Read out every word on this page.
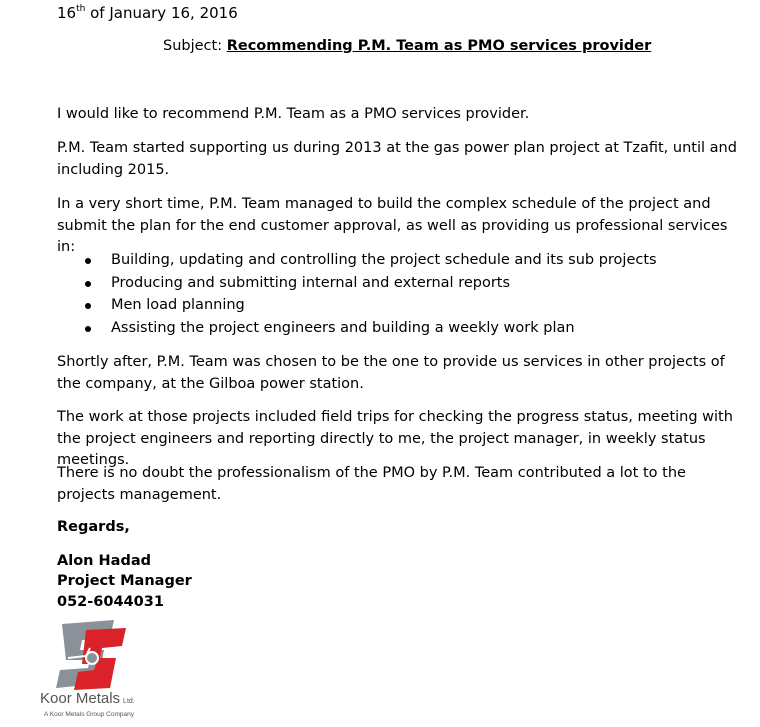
16th of January 16, 2016
Subject: Recommending P.M. Team as PMO services provider
I would like to recommend P.M. Team as a PMO services provider.
P.M. Team started supporting us during 2013 at the gas power plan project at Tzafit, until and including 2015.
In a very short time, P.M. Team managed to build the complex schedule of the project and submit the plan for the end customer approval, as well as providing us professional services in:
Building, updating and controlling the project schedule and its sub projects
Producing and submitting internal and external reports
Men load planning
Assisting the project engineers and building a weekly work plan
Shortly after, P.M. Team was chosen to be the one to provide us services in other projects of the company, at the Gilboa power station.
The work at those projects included field trips for checking the progress status, meeting with the project engineers and reporting directly to me, the project manager, in weekly status meetings.
There is no doubt the professionalism of the PMO by P.M. Team contributed a lot to the projects management.
Regards,
Alon Hadad
Project Manager
052-6044031
Koor Metals Ltd.
A Koor Metals Group Company
